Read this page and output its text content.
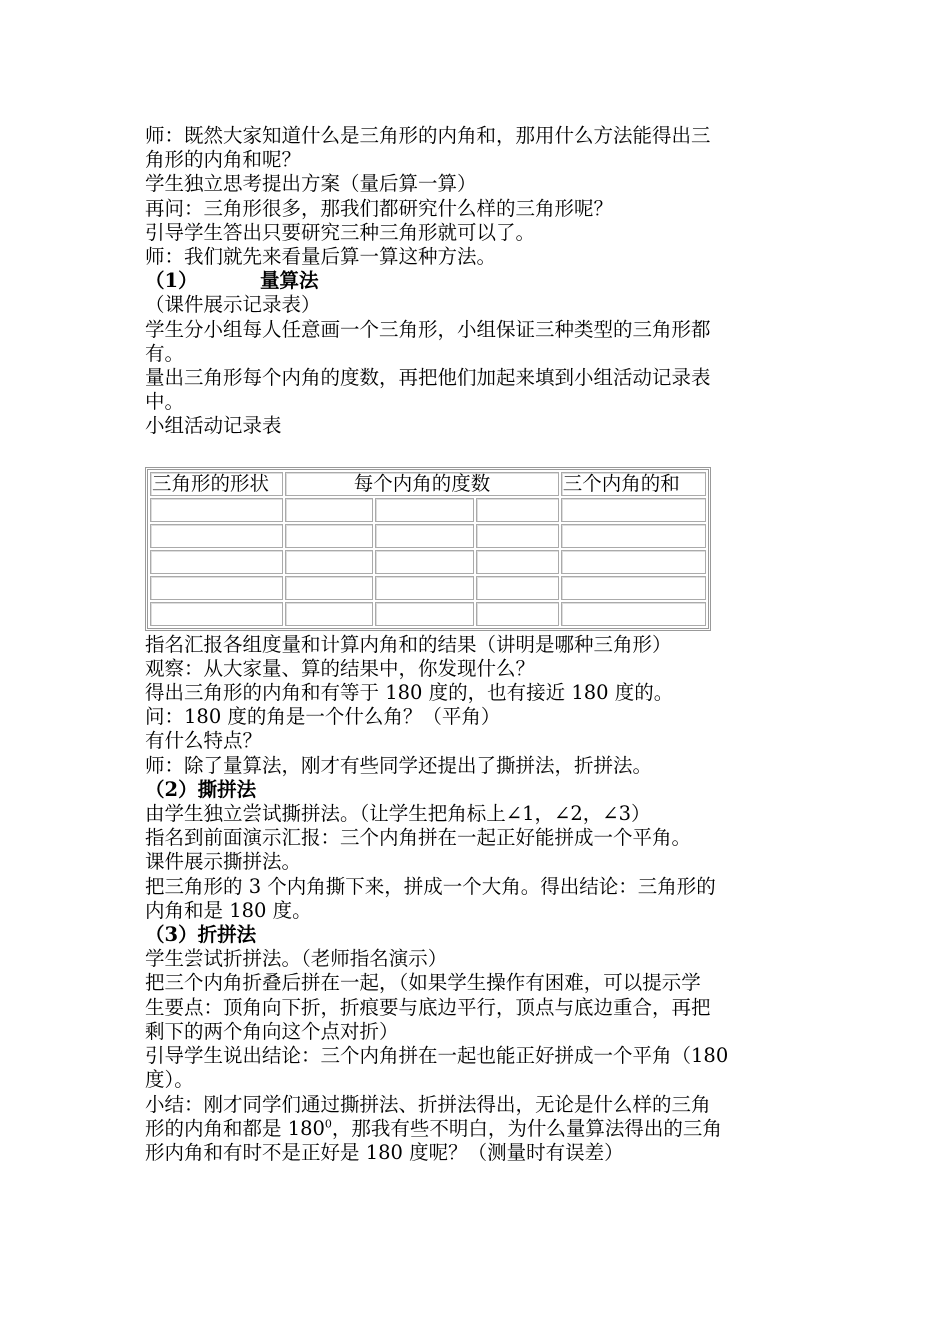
师：既然大家知道什么是三角形的内角和，那用什么方法能得出三

角形的内角和呢？

学生独立思考提出方案（量后算一算）

再问：三角形很多，那我们都研究什么样的三角形呢？

引导学生答出只要研究三种三角形就可以了。

师：我们就先来看量后算一算这种方法。

（1）	量算法

（课件展示记录表）

学生分小组每人任意画一个三角形，小组保证三种类型的三角形都

有。

量出三角形每个内角的度数，再把他们加起来填到小组活动记录表

中。

小组活动记录表

三角形的形状	每个内角的度数			三个内角的和

指名汇报各组度量和计算内角和的结果（讲明是哪种三角形）

观察：从大家量、算的结果中，你发现什么？

得出三角形的内角和有等于 180 度的，也有接近 180 度的。

问：180 度的角是一个什么角？（平角）

有什么特点？

师：除了量算法，刚才有些同学还提出了撕拼法，折拼法。

（2）撕拼法

由学生独立尝试撕拼法。（让学生把角标上∠1，∠2，∠3）

指名到前面演示汇报：三个内角拼在一起正好能拼成一个平角。

课件展示撕拼法。

把三角形的 3 个内角撕下来，拼成一个大角。得出结论：三角形的

内角和是 180 度。

（3）折拼法

学生尝试折拼法。（老师指名演示）

把三个内角折叠后拼在一起，（如果学生操作有困难，可以提示学

生要点：顶角向下折，折痕要与底边平行，顶点与底边重合，再把

剩下的两个角向这个点对折）

引导学生说出结论：三个内角拼在一起也能正好拼成一个平角（180

度）。

小结：刚才同学们通过撕拼法、折拼法得出，无论是什么样的三角

形的内角和都是 $180^0$，那我有些不明白，为什么量算法得出的三角

形内角和有时不是正好是 180 度呢？（测量时有误差）
